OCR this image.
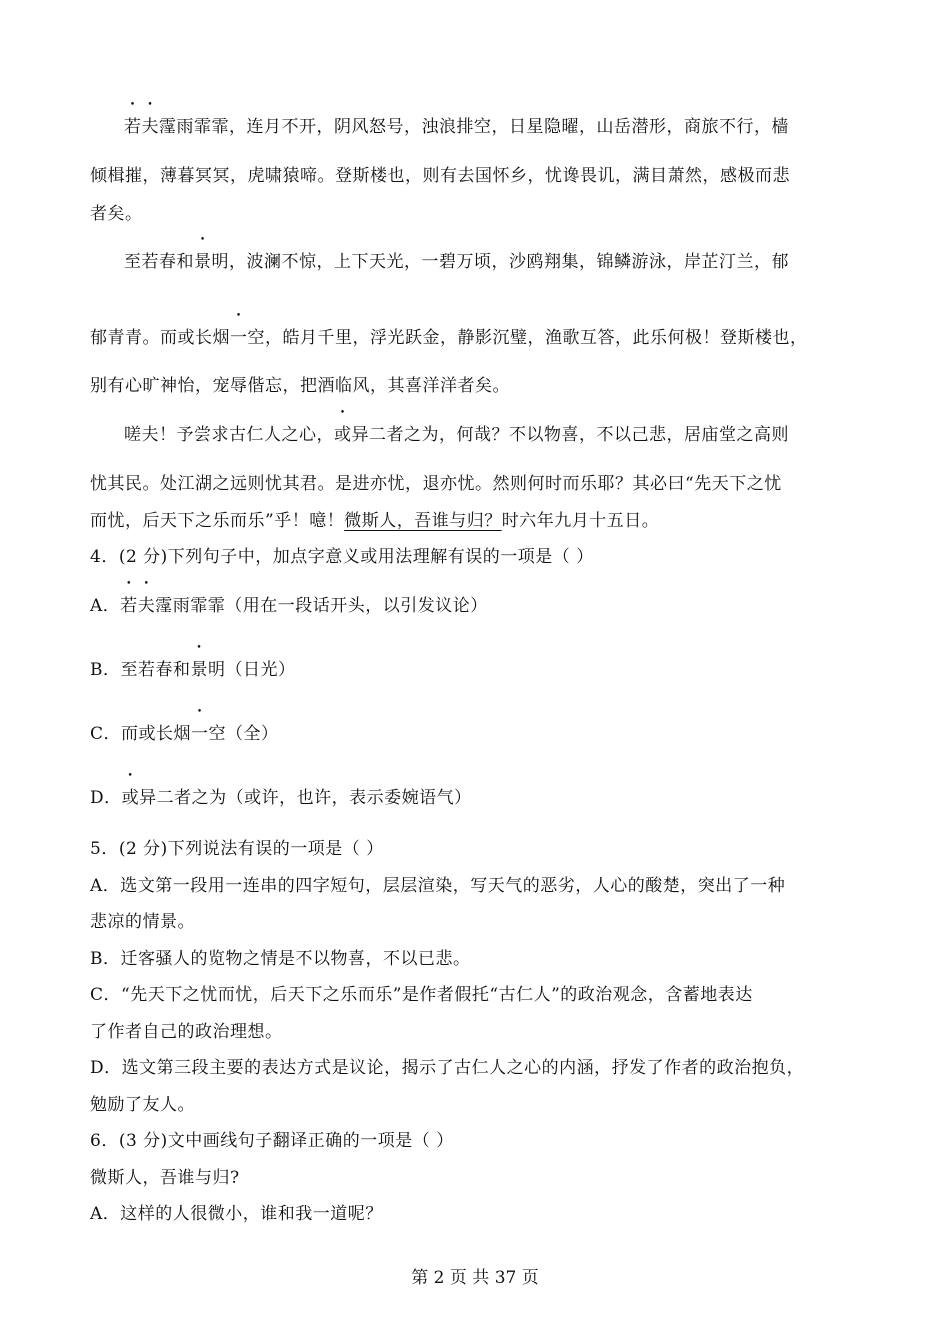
若夫霪雨霏霏，连月不开，阴风怒号，浊浪排空，日星隐曜，山岳潜形，商旅不行，樯
倾楫摧，薄暮冥冥，虎啸猿啼。登斯楼也，则有去国怀乡，忧谗畏讥，满目萧然，感极而悲
者矣。
至若春和景明，波澜不惊，上下天光，一碧万顷，沙鸥翔集，锦鳞游泳，岸芷汀兰，郁
郁青青。而或长烟一空，皓月千里，浮光跃金，静影沉璧，渔歌互答，此乐何极！登斯楼也，
别有心旷神怡，宠辱偕忘，把酒临风，其喜洋洋者矣。
嗟夫！予尝求古仁人之心，或异二者之为，何哉？不以物喜，不以己悲，居庙堂之高则
忧其民。处江湖之远则忧其君。是进亦忧，退亦忧。然则何时而乐耶？其必曰“先天下之忧
而忧，后天下之乐而乐”乎！噫！微斯人，吾谁与归？时六年九月十五日。
4．(2 分)下列句子中，加点字意义或用法理解有误的一项是（ ）
A．若夫霪雨霏霏（用在一段话开头，以引发议论）
B．至若春和景明（日光）
C．而或长烟一空（全）
D．或异二者之为（或许，也许，表示委婉语气）
5．(2 分)下列说法有误的一项是（ ）
A．选文第一段用一连串的四字短句，层层渲染，写天气的恶劣，人心的酸楚，突出了一种
悲凉的情景。
B．迁客骚人的览物之情是不以物喜，不以已悲。
C．“先天下之忧而忧，后天下之乐而乐”是作者假托“古仁人”的政治观念，含蓄地表达
了作者自己的政治理想。
D．选文第三段主要的表达方式是议论，揭示了古仁人之心的内涵，抒发了作者的政治抱负，
勉励了友人。
6．(3 分)文中画线句子翻译正确的一项是（ ）
微斯人，吾谁与归?
A．这样的人很微小，谁和我一道呢？
第 2 页 共 37 页
